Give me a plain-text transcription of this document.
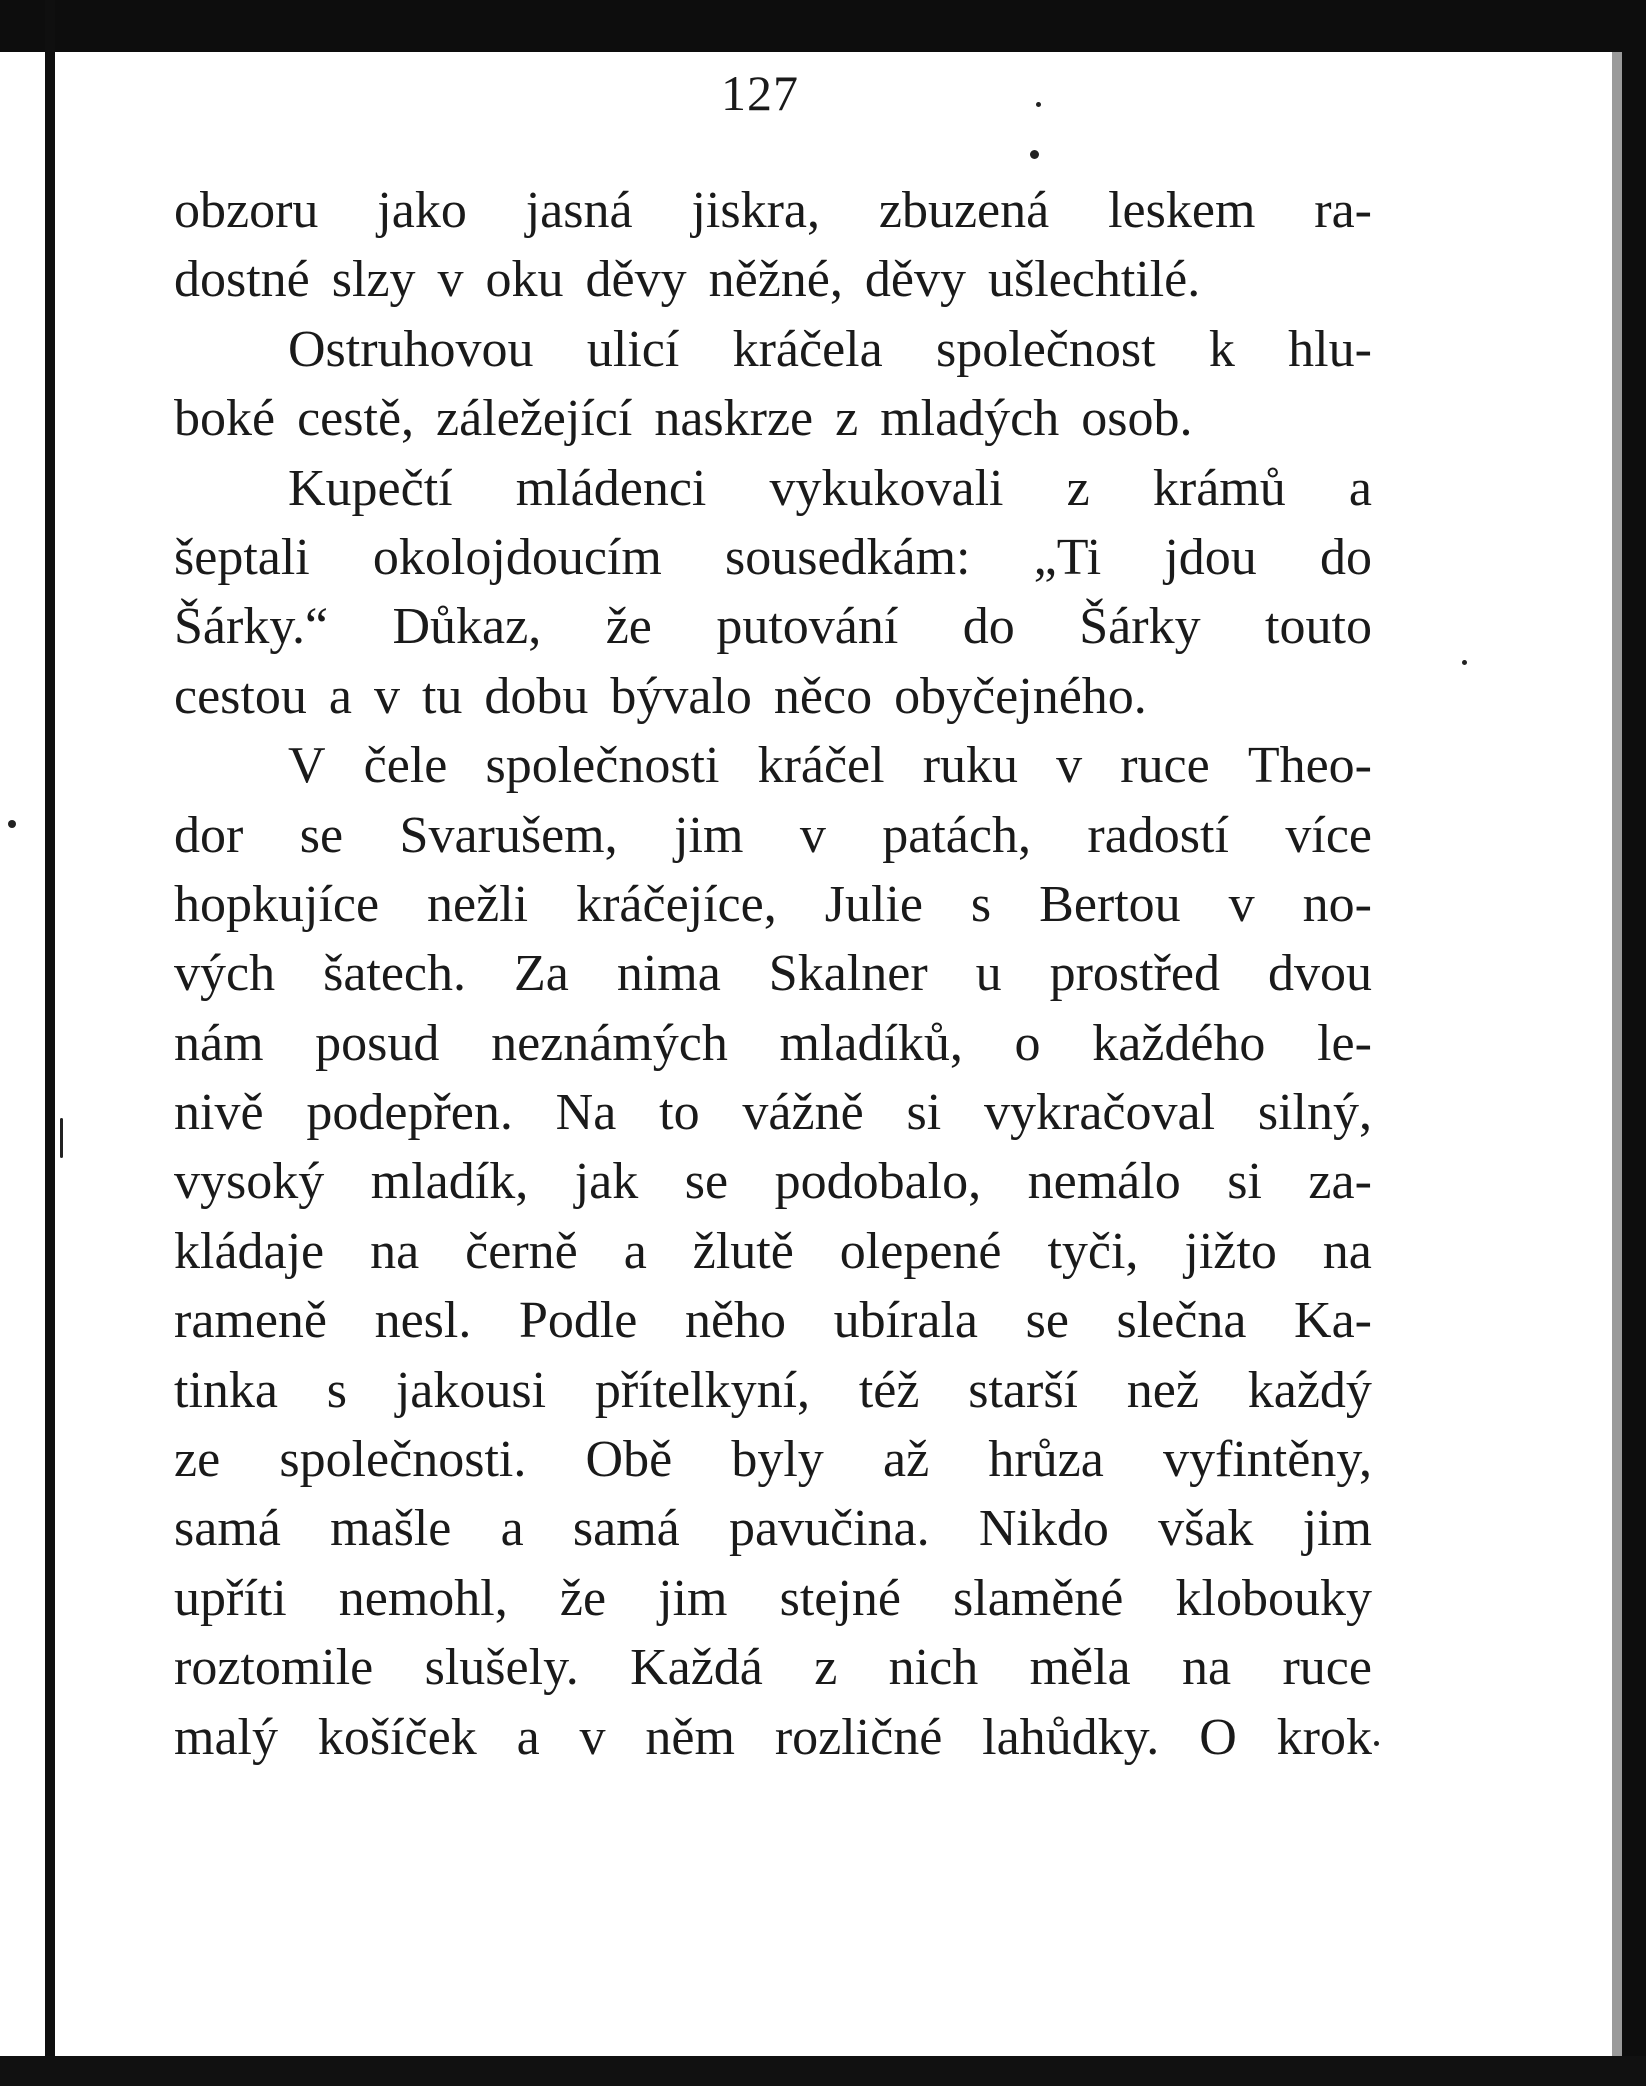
127
obzoru jako jasná jiskra, zbuzená leskem ra-
dostné slzy v oku děvy něžné, děvy ušlechtilé.
Ostruhovou ulicí kráčela společnost k hlu-
boké cestě, záležející naskrze z mladých osob.
Kupečtí mládenci vykukovali z krámů a
šeptali okolojdoucím sousedkám: „Ti jdou do
Šárky.“ Důkaz, že putování do Šárky touto
cestou a v tu dobu bývalo něco obyčejného.
V čele společnosti kráčel ruku v ruce Theo-
dor se Svarušem, jim v patách, radostí více
hopkujíce nežli kráčejíce, Julie s Bertou v no-
vých šatech. Za nima Skalner u prostřed dvou
nám posud neznámých mladíků, o každého le-
nivě podepřen. Na to vážně si vykračoval silný,
vysoký mladík, jak se podobalo, nemálo si za-
kládaje na černě a žlutě olepené tyči, jižto na
rameně nesl. Podle něho ubírala se slečna Ka-
tinka s jakousi přítelkyní, též starší než každý
ze společnosti. Obě byly až hrůza vyfintěny,
samá mašle a samá pavučina. Nikdo však jim
upříti nemohl, že jim stejné slaměné klobouky
roztomile slušely. Každá z nich měla na ruce
malý košíček a v něm rozličné lahůdky. O krok
